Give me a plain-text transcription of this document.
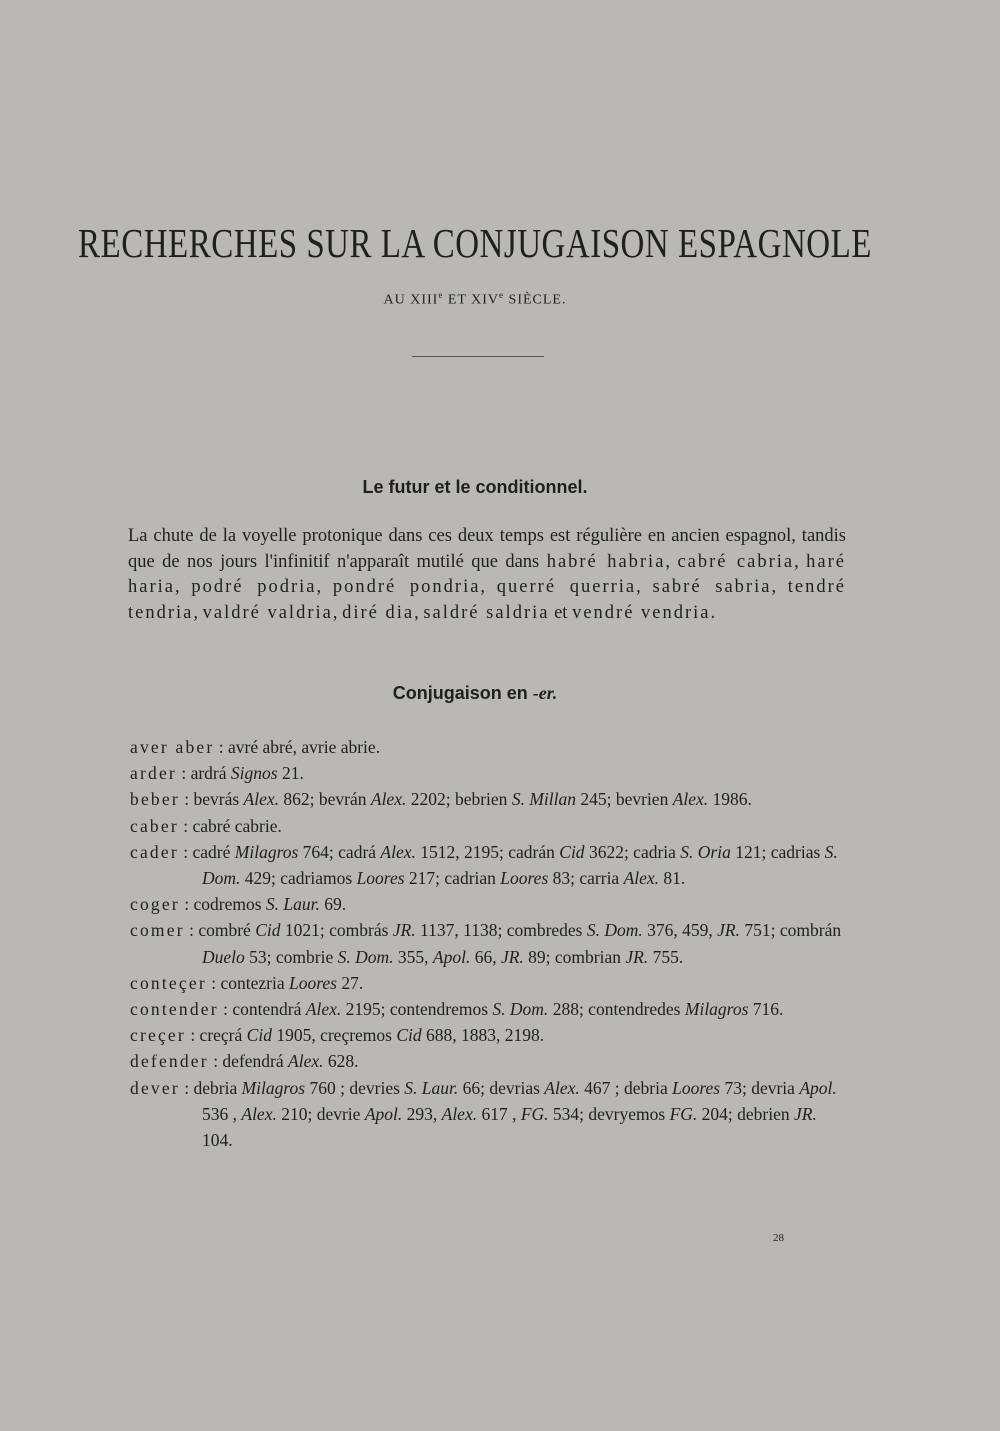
RECHERCHES SUR LA CONJUGAISON ESPAGNOLE
AU XIIIe ET XIVe SIÈCLE.
Le futur et le conditionnel.
La chute de la voyelle protonique dans ces deux temps est régulière en ancien espagnol, tandis que de nos jours l'infinitif n'apparaît mutilé que dans habré habria, cabré cabria, haré haria, podré podria, pondré pondria, querré querria, sabré sabria, tendré tendria, valdré valdria, diré dia, saldré saldria et vendré vendria.
Conjugaison en -er.
aver aber : avré abré, avrie abrie.
arder : ardrá Signos 21.
beber : bevrás Alex. 862; bevrán Alex. 2202; bebrien S. Millan 245; bevrien Alex. 1986.
caber : cabré cabrie.
cader : cadré Milagros 764; cadrá Alex. 1512, 2195; cadrán Cid 3622; cadria S. Oria 121; cadrias S. Dom. 429; cadriamos Loores 217; cadrian Loores 83; carria Alex. 81.
coger : codremos S. Laur. 69.
comer : combré Cid 1021; combrás JR. 1137, 1138; combredes S. Dom. 376, 459, JR. 751; combrán Duelo 53; combrie S. Dom. 355, Apol. 66, JR. 89; combrian JR. 755.
conteçer : contezria Loores 27.
contender : contendrá Alex. 2195; contendremos S. Dom. 288; contendredes Milagros 716.
creçer : creçrá Cid 1905, creçremos Cid 688, 1883, 2198.
defender : defendrá Alex. 628.
dever : debria Milagros 760 ; devries S. Laur. 66; devrias Alex. 467 ; debria Loores 73; devria Apol. 536 , Alex. 210; devrie Apol. 293, Alex. 617 , FG. 534; devryemos FG. 204; debrien JR. 104.
28
